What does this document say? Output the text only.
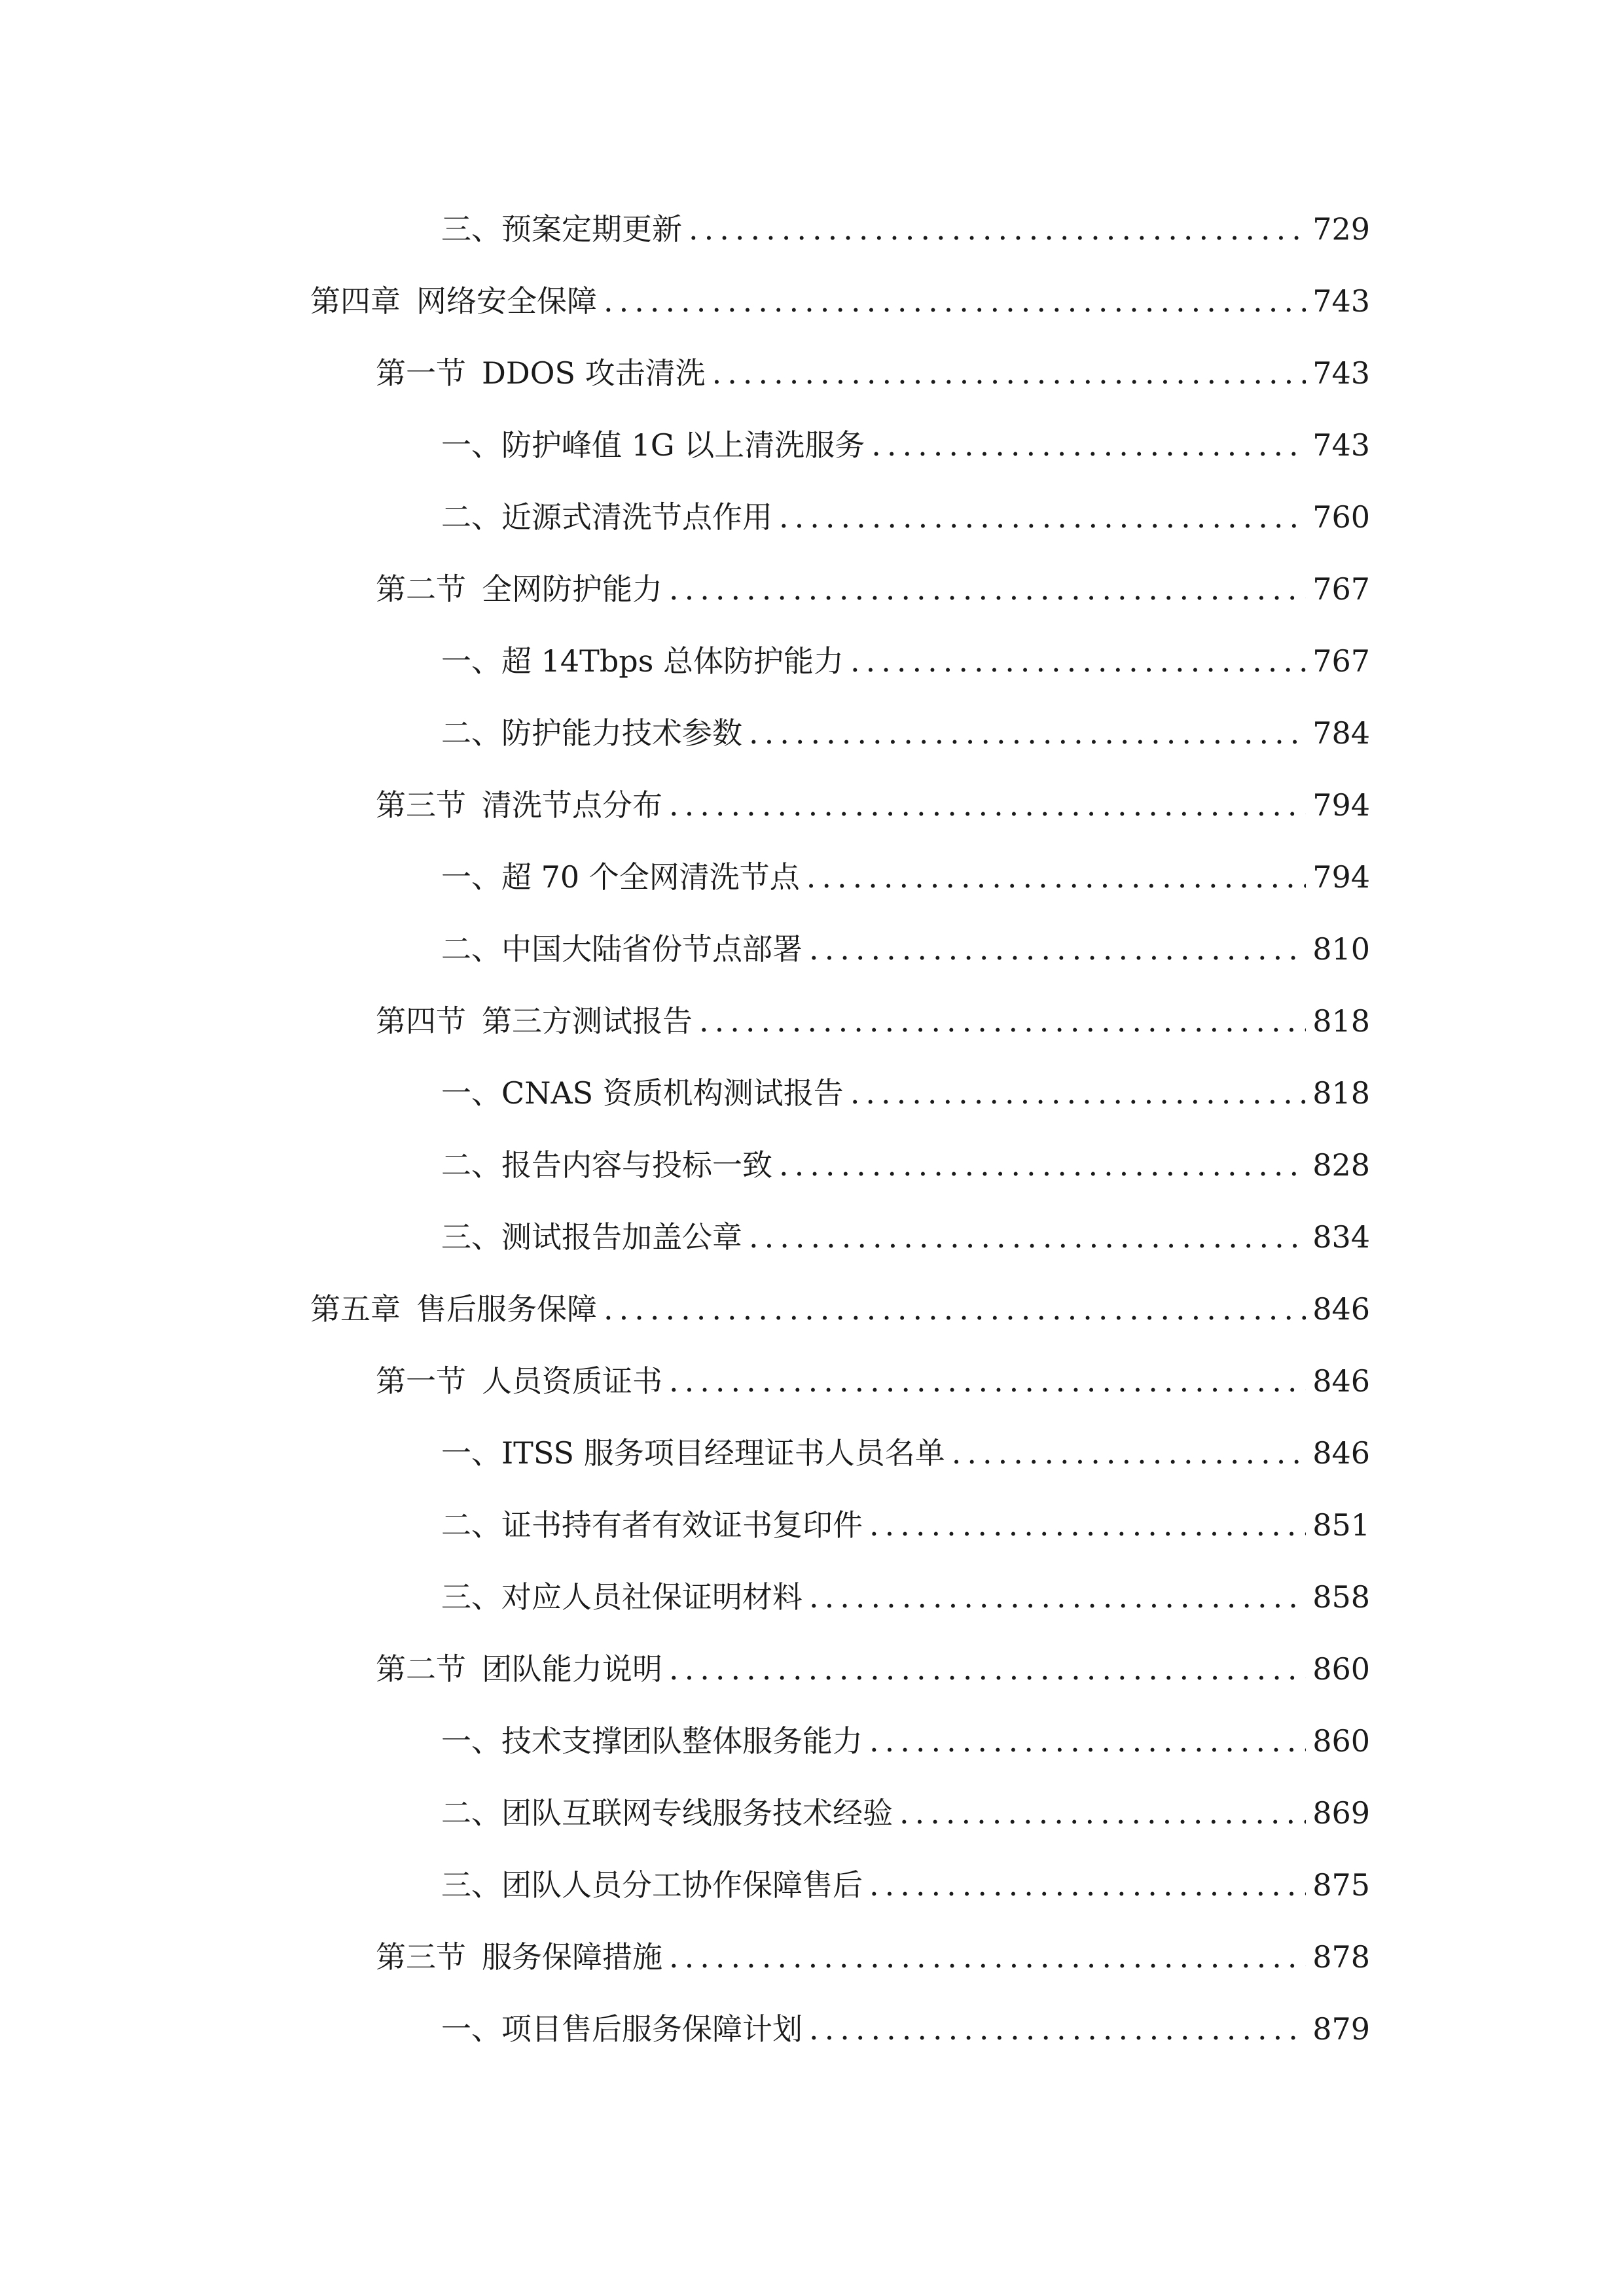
三、 预案定期更新 .....	729
第四章 网络安全保障 .....	743
第一节 DDOS 攻击清洗 .....	743
一、 防护峰值 1G 以上清洗服务 .....	743
二、 近源式清洗节点作用 .....	760
第二节 全网防护能力 .....	767
一、 超 14Tbps 总体防护能力 .....	767
二、 防护能力技术参数 .....	784
第三节 清洗节点分布 .....	794
一、 超 70 个全网清洗节点 .....	794
二、 中国大陆省份节点部署 .....	810
第四节 第三方测试报告 .....	818
一、 CNAS 资质机构测试报告 .....	818
二、 报告内容与投标一致 .....	828
三、 测试报告加盖公章 .....	834
第五章 售后服务保障 .....	846
第一节 人员资质证书 .....	846
一、 ITSS 服务项目经理证书人员名单 .....	846
二、 证书持有者有效证书复印件 .....	851
三、 对应人员社保证明材料 .....	858
第二节 团队能力说明 .....	860
一、 技术支撑团队整体服务能力 .....	860
二、 团队互联网专线服务技术经验 .....	869
三、 团队人员分工协作保障售后 .....	875
第三节 服务保障措施 .....	878
一、 项目售后服务保障计划 .....	879
